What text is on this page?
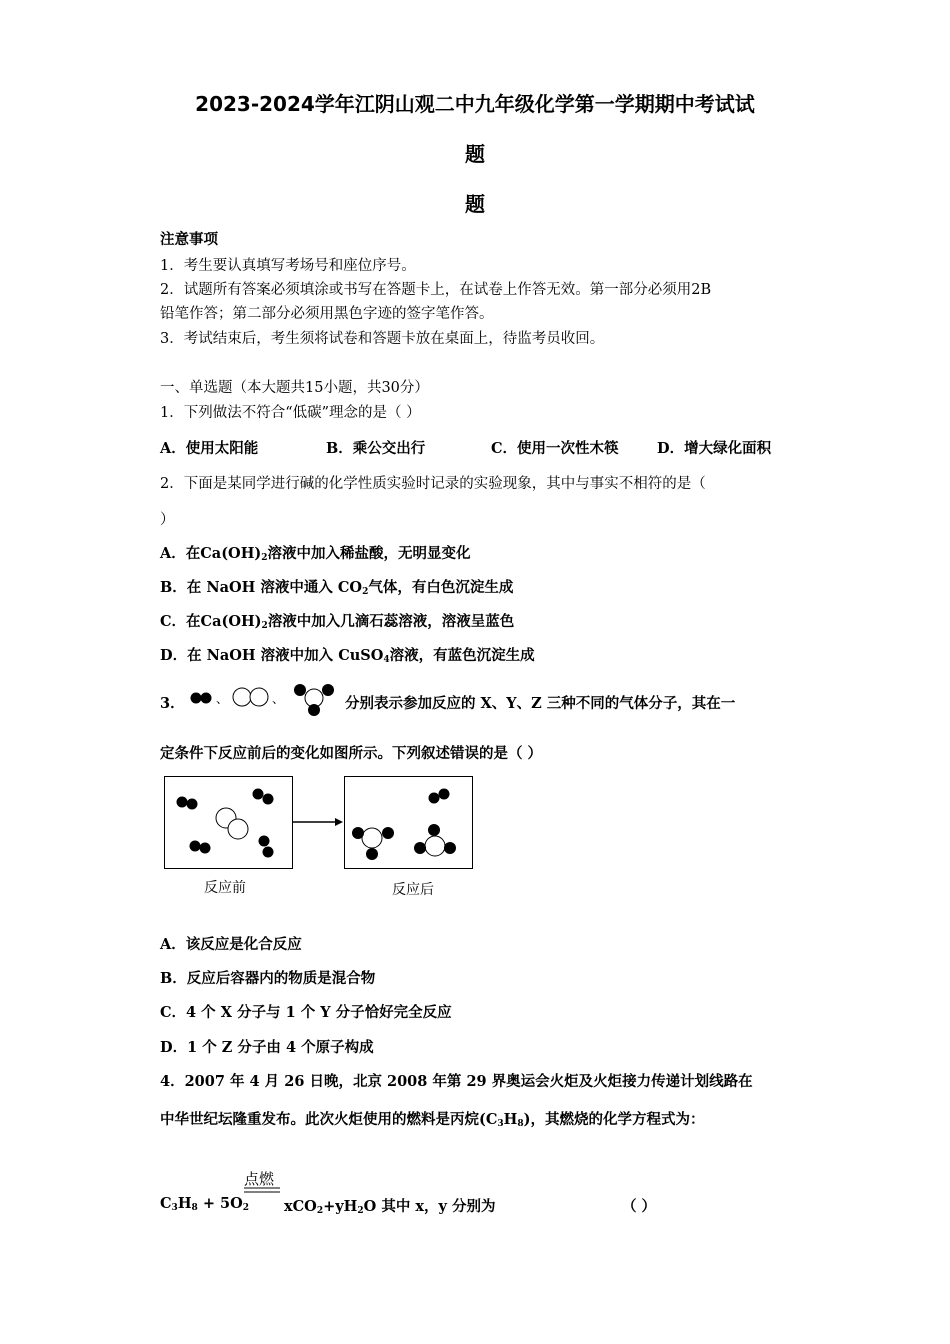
2023-2024学年江阴山观二中九年级化学第一学期期中考试试
题
题
注意事项
1．考生要认真填写考场号和座位序号。
2．试题所有答案必须填涂或书写在答题卡上，在试卷上作答无效。第一部分必须用2B
铅笔作答；第二部分必须用黑色字迹的签字笔作答。
3．考试结束后，考生须将试卷和答题卡放在桌面上，待监考员收回。
一、单选题（本大题共15小题，共30分）
1．下列做法不符合“低碳”理念的是（ ）
A．使用太阳能	B．乘公交出行	C．使用一次性木筷	D．增大绿化面积
2．下面是某同学进行碱的化学性质实验时记录的实验现象，其中与事实不相符的是（
）
A．在$Ca(OH)_2$溶液中加入稀盐酸，无明显变化
B．在 NaOH 溶液中通入 $CO_2$气体，有白色沉淀生成
C．在$Ca(OH)_2$溶液中加入几滴石蕊溶液，溶液呈蓝色
D．在 NaOH 溶液中加入 CuSO$_4$溶液，有蓝色沉淀生成
3．	、	、	分别表示参加反应的 X、Y、Z 三种不同的气体分子，其在一
定条件下反应前后的变化如图所示。下列叙述错误的是（ ）
反应前	反应后
A．该反应是化合反应
B．反应后容器内的物质是混合物
C．4 个 X 分子与 1 个 Y 分子恰好完全反应
D．1 个 Z 分子由 4 个原子构成
4．2007 年 4 月 26 日晚，北京 2008 年第 29 界奥运会火炬及火炬接力传递计划线路在
中华世纪坛隆重发布。此次火炬使用的燃料是丙烷$(C_3H_8)$，其燃烧的化学方程式为：
点燃
$C_3H_8 + 5O_2$ $xCO_2+yH_2O$ 其中 x，y 分别为	（ ）
